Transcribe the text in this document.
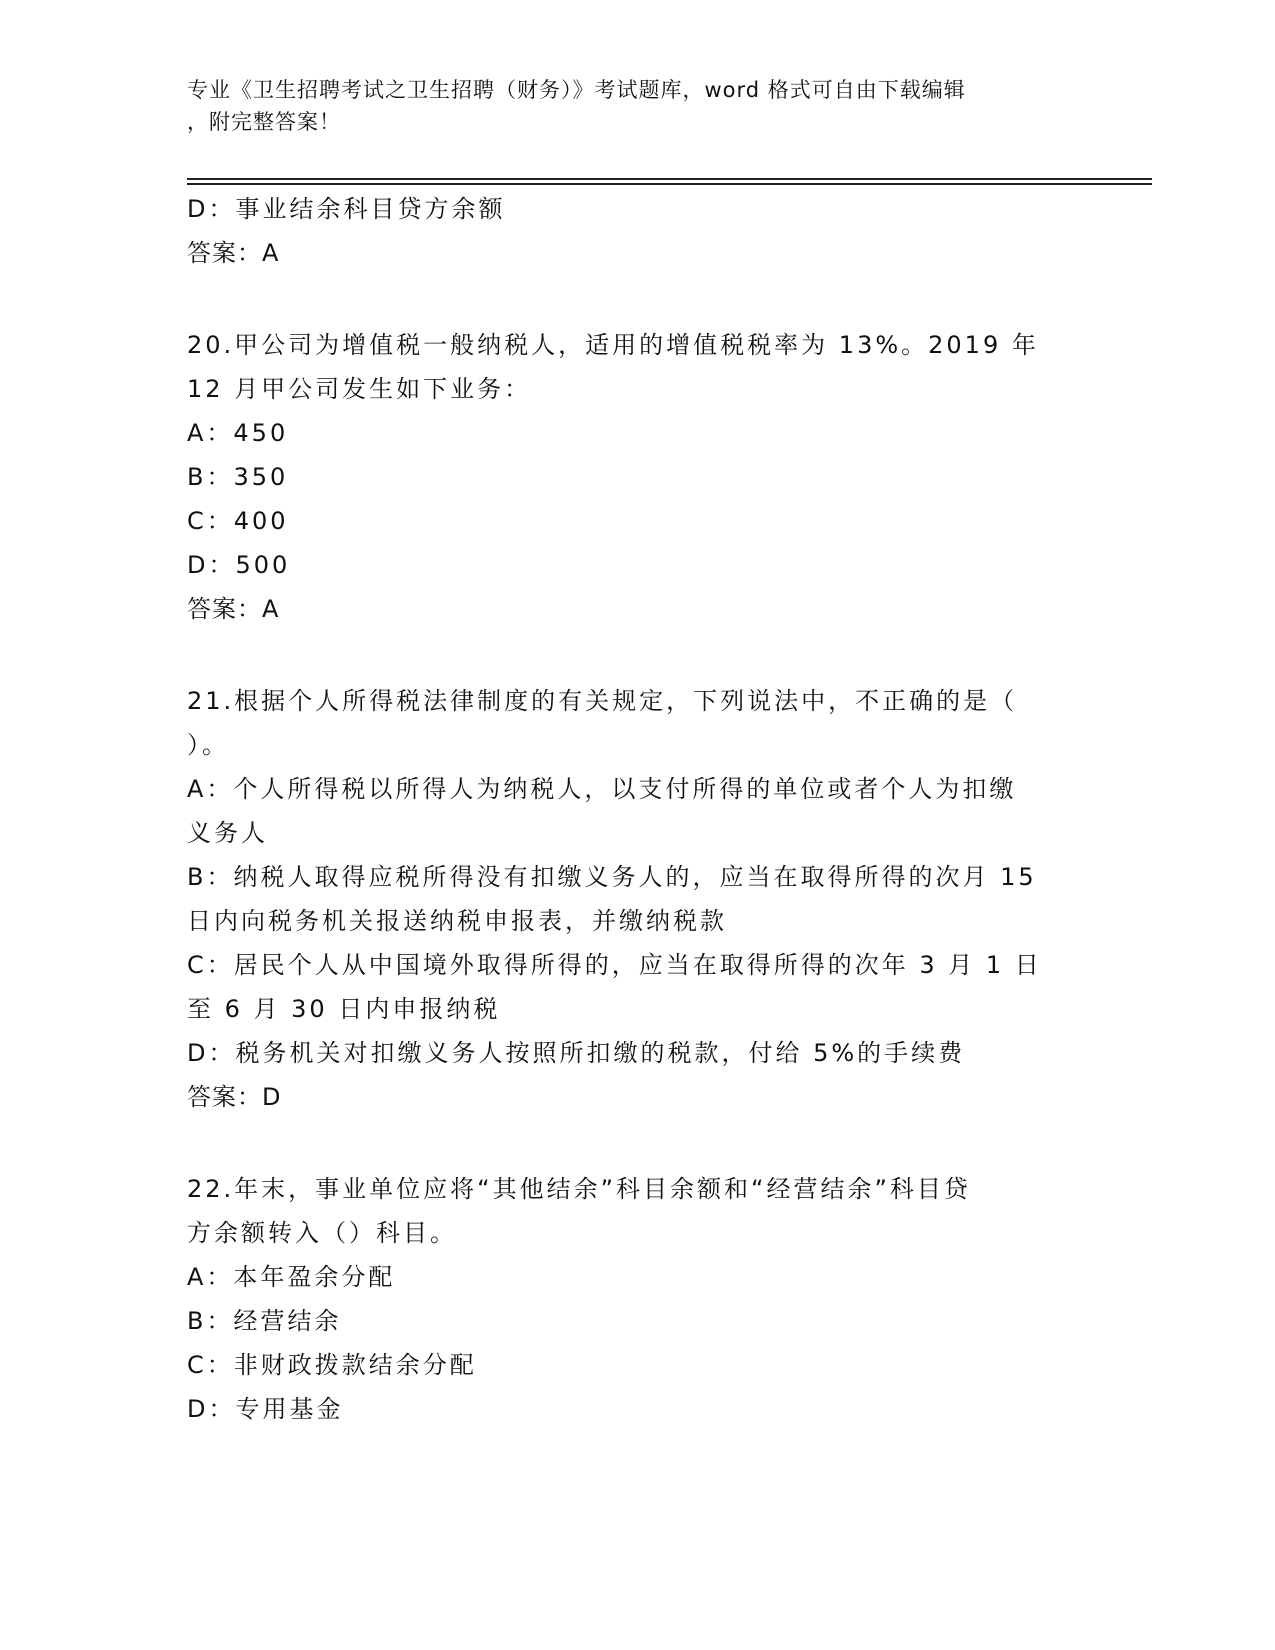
专业《卫生招聘考试之卫生招聘（财务）》考试题库，word 格式可自由下载编辑
，附完整答案！
D：事业结余科目贷方余额
答案：A
20.甲公司为增值税一般纳税人，适用的增值税税率为 13%。2019 年
12 月甲公司发生如下业务：
A：450
B：350
C：400
D：500
答案：A
21.根据个人所得税法律制度的有关规定，下列说法中，不正确的是（
）。
A：个人所得税以所得人为纳税人，以支付所得的单位或者个人为扣缴
义务人
B：纳税人取得应税所得没有扣缴义务人的，应当在取得所得的次月 15
日内向税务机关报送纳税申报表，并缴纳税款
C：居民个人从中国境外取得所得的，应当在取得所得的次年 3 月 1 日
至 6 月 30 日内申报纳税
D：税务机关对扣缴义务人按照所扣缴的税款，付给 5%的手续费
答案：D
22.年末，事业单位应将“其他结余”科目余额和“经营结余”科目贷
方余额转入（）科目。
A：本年盈余分配
B：经营结余
C：非财政拨款结余分配
D：专用基金
